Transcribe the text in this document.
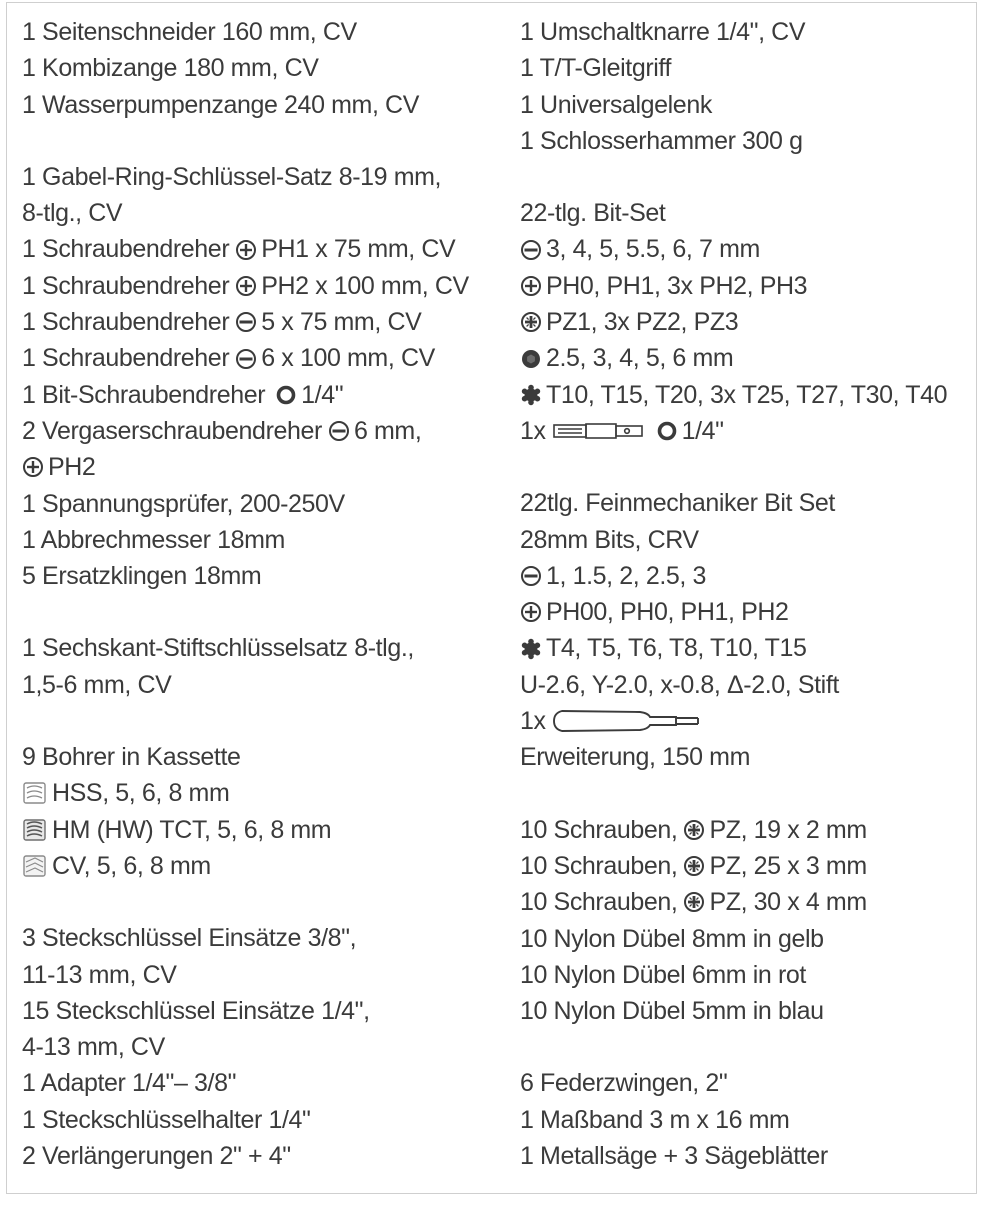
1 Seitenschneider 160 mm, CV
1 Kombizange 180 mm, CV
1 Wasserpumpenzange 240 mm, CV
1 Gabel-Ring-Schlüssel-Satz 8-19 mm,
8-tlg., CV
1 Schraubendreher PH1 x 75 mm, CV
1 Schraubendreher PH2 x 100 mm, CV
1 Schraubendreher 5 x 75 mm, CV
1 Schraubendreher 6 x 100 mm, CV
1 Bit-Schraubendreher 1/4"
2 Vergaserschraubendreher 6 mm,
PH2
1 Spannungsprüfer, 200-250V
1 Abbrechmesser 18mm
5 Ersatzklingen 18mm
1 Sechskant-Stiftschlüsselsatz 8-tlg.,
1,5-6 mm, CV
9 Bohrer in Kassette
HSS, 5, 6, 8 mm
HM (HW) TCT, 5, 6, 8 mm
CV, 5, 6, 8 mm
3 Steckschlüssel Einsätze 3/8",
11-13 mm, CV
15 Steckschlüssel Einsätze 1/4",
4-13 mm, CV
1 Adapter 1/4"– 3/8"
1 Steckschlüsselhalter 1/4"
2 Verlängerungen 2" + 4"
1 Umschaltknarre 1/4", CV
1 T/T-Gleitgriff
1 Universalgelenk
1 Schlosserhammer 300 g
22-tlg. Bit-Set
3, 4, 5, 5.5, 6, 7 mm
PH0, PH1, 3x PH2, PH3
PZ1, 3x PZ2, PZ3
2.5, 3, 4, 5, 6 mm
T10, T15, T20, 3x T25, T27, T30, T40
1x	1/4"
22tlg. Feinmechaniker Bit Set
28mm Bits, CRV
1, 1.5, 2, 2.5, 3
PH00, PH0, PH1, PH2
T4, T5, T6, T8, T10, T15
U-2.6, Y-2.0, x-0.8, Δ-2.0, Stift
1x
Erweiterung, 150 mm
10 Schrauben, PZ, 19 x 2 mm
10 Schrauben, PZ, 25 x 3 mm
10 Schrauben, PZ, 30 x 4 mm
10 Nylon Dübel 8mm in gelb
10 Nylon Dübel 6mm in rot
10 Nylon Dübel 5mm in blau
6 Federzwingen, 2"
1 Maßband 3 m x 16 mm
1 Metallsäge + 3 Sägeblätter
